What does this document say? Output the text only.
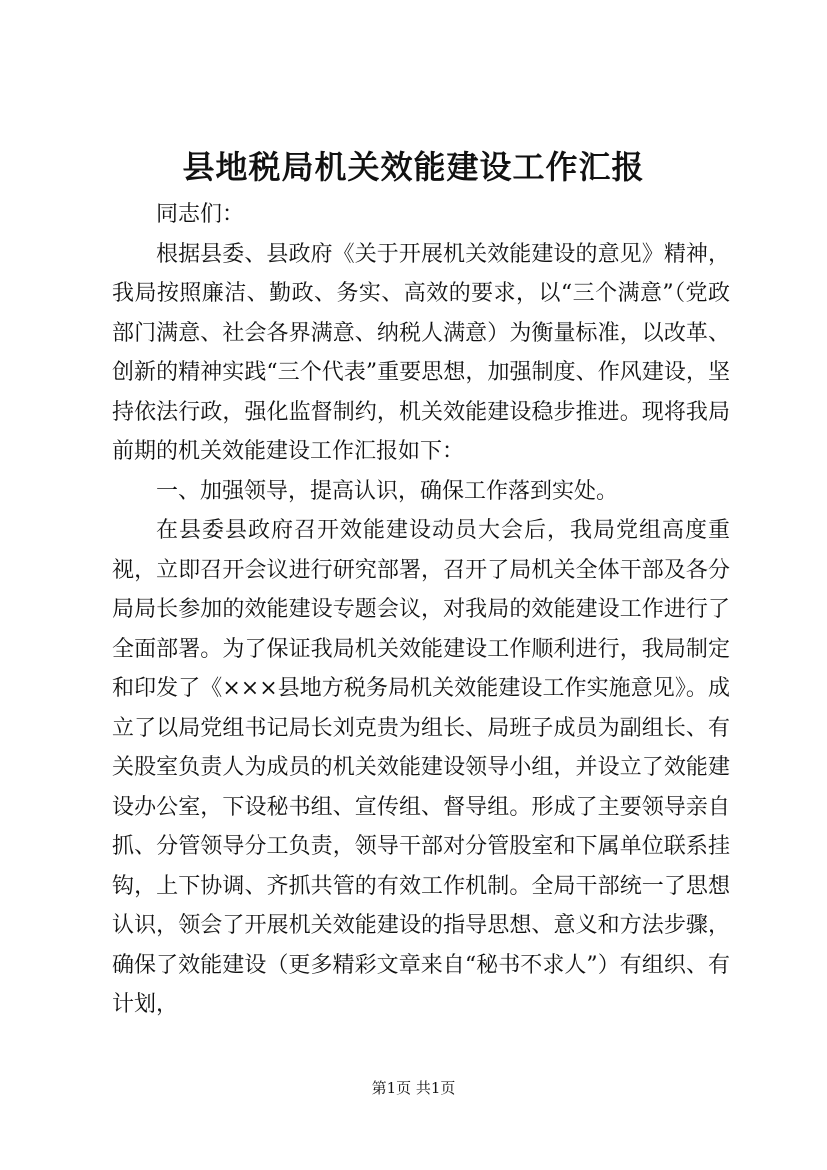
县地税局机关效能建设工作汇报

同志们：

根据县委、县政府《关于开展机关效能建设的意见》精神，我局按照廉洁、勤政、务实、高效的要求，以“三个满意”（党政部门满意、社会各界满意、纳税人满意）为衡量标准，以改革、创新的精神实践“三个代表”重要思想，加强制度、作风建设，坚持依法行政，强化监督制约，机关效能建设稳步推进。现将我局前期的机关效能建设工作汇报如下：

一、加强领导，提高认识，确保工作落到实处。

在县委县政府召开效能建设动员大会后，我局党组高度重视，立即召开会议进行研究部署，召开了局机关全体干部及各分局局长参加的效能建设专题会议，对我局的效能建设工作进行了全面部署。为了保证我局机关效能建设工作顺利进行，我局制定和印发了《×××县地方税务局机关效能建设工作实施意见》。成立了以局党组书记局长刘克贵为组长、局班子成员为副组长、有关股室负责人为成员的机关效能建设领导小组，并设立了效能建设办公室，下设秘书组、宣传组、督导组。形成了主要领导亲自抓、分管领导分工负责，领导干部对分管股室和下属单位联系挂钩，上下协调、齐抓共管的有效工作机制。全局干部统一了思想认识，领会了开展机关效能建设的指导思想、意义和方法步骤，确保了效能建设（更多精彩文章来自“秘书不求人”）有组织、有计划，

第1页 共1页
